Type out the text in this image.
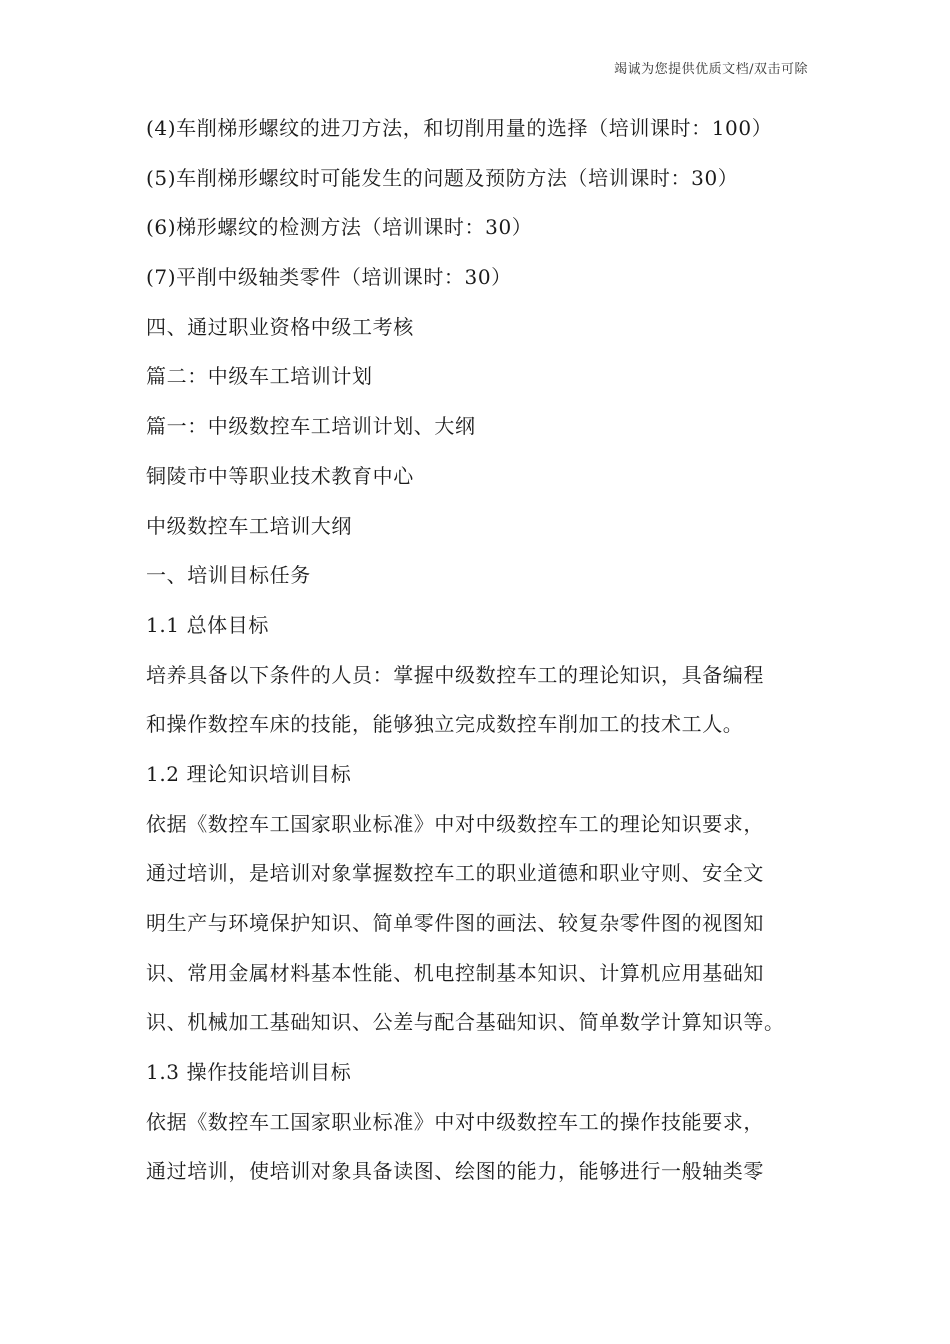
竭诚为您提供优质文档/双击可除
(4)车削梯形螺纹的进刀方法，和切削用量的选择（培训课时：100）
(5)车削梯形螺纹时可能发生的问题及预防方法（培训课时：30）
(6)梯形螺纹的检测方法（培训课时：30）
(7)平削中级轴类零件（培训课时：30）
四、通过职业资格中级工考核
篇二：中级车工培训计划
篇一：中级数控车工培训计划、大纲
铜陵市中等职业技术教育中心
中级数控车工培训大纲
一、培训目标任务
1.1 总体目标
培养具备以下条件的人员：掌握中级数控车工的理论知识，具备编程
和操作数控车床的技能，能够独立完成数控车削加工的技术工人。
1.2 理论知识培训目标
依据《数控车工国家职业标准》中对中级数控车工的理论知识要求，
通过培训，是培训对象掌握数控车工的职业道德和职业守则、安全文
明生产与环境保护知识、简单零件图的画法、较复杂零件图的视图知
识、常用金属材料基本性能、机电控制基本知识、计算机应用基础知
识、机械加工基础知识、公差与配合基础知识、简单数学计算知识等。
1.3 操作技能培训目标
依据《数控车工国家职业标准》中对中级数控车工的操作技能要求，
通过培训，使培训对象具备读图、绘图的能力，能够进行一般轴类零
